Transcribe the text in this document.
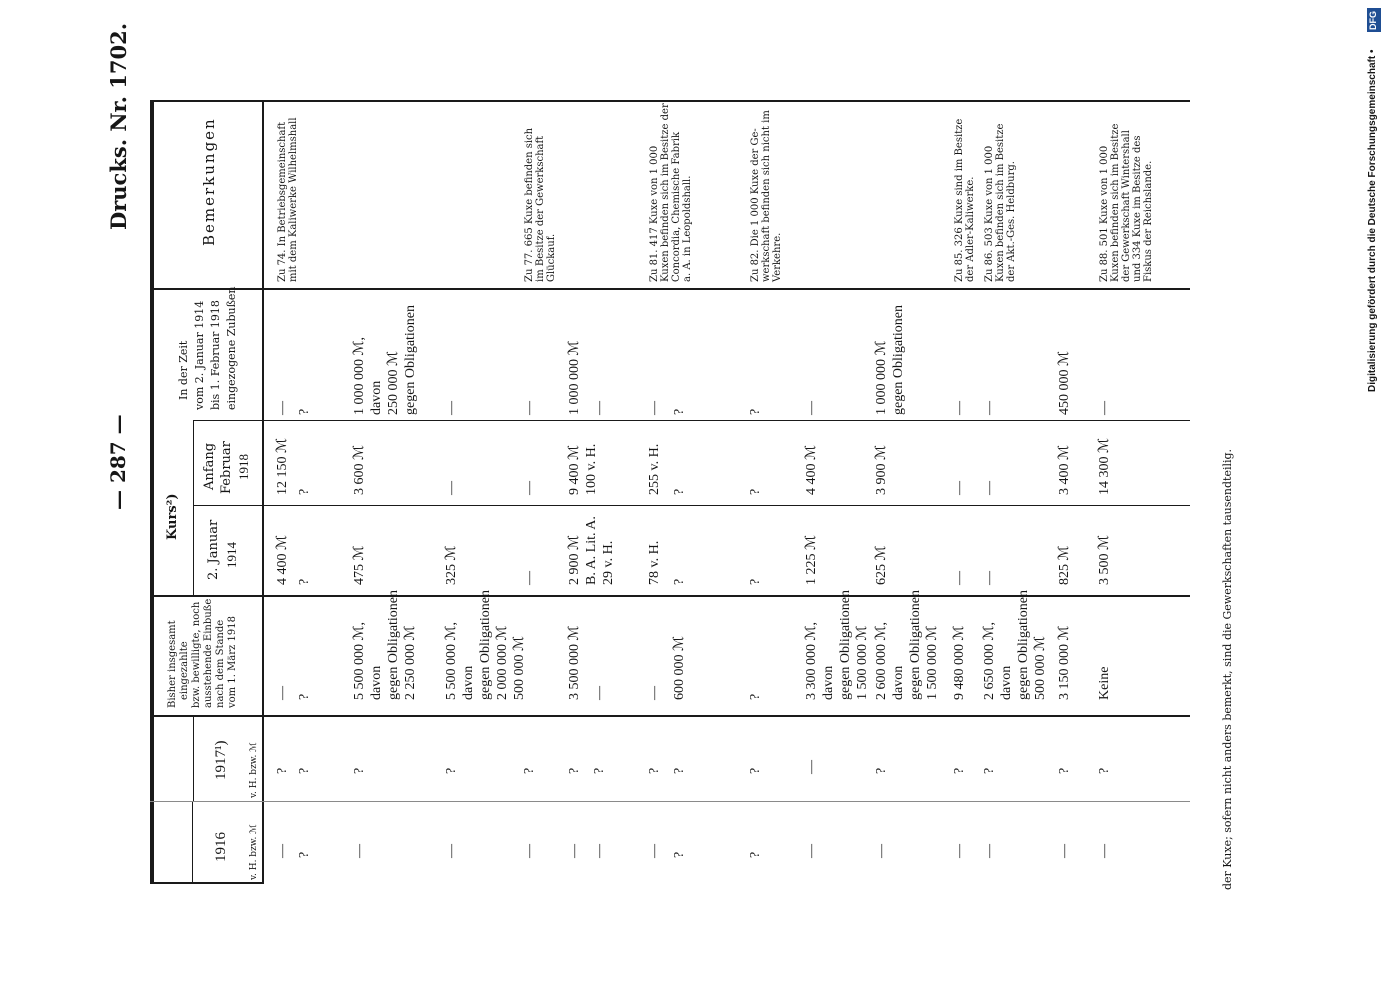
DFG
Digitalisierung gefördert durch die Deutsche Forschungsgemeinschaft •
— 287 —
Drucks. Nr. 1702.
1916 v. H. bzw. ℳ
1917¹) v. H. bzw. ℳ
Bisher insgesamt eingezahlte bzw. bewilligte, noch ausstehende Einbuße nach dem Stande vom 1. März 1918
Kurs²)
2. Januar 1914
Anfang Februar 1918
In der Zeit vom 2. Januar 1914 bis 1. Februar 1918 eingezogene Zubußen
Bemerkungen
—
?
—
4 400 ℳ
12 150 ℳ
—
Zu 74. In Betriebsgemeinschaft mit dem Kaliwerke Wilhelmshall
?
?
?
?
?
?
—
?
5 500 000 ℳ, davon gegen Obligationen 2 250 000 ℳ
475 ℳ
3 600 ℳ
1 000 000 ℳ, davon 250 000 ℳ gegen Obligationen
—
?
5 500 000 ℳ, davon gegen Obligationen 2 000 000 ℳ 500 000 ℳ
325 ℳ
—
—
—
?
—
—
—
Zu 77. 665 Kuxe befinden sich im Besitze der Gewerkschaft Glückauf.
—
?
3 500 000 ℳ
2 900 ℳ B. A. Lit. A. 29 v. H.
9 400 ℳ 100 v. H.
1 000 000 ℳ
—
?
—
—
—
?
—
78 v. H.
255 v. H.
—
Zu 81. 417 Kuxe von 1 000 Kuxen befinden sich im Besitze der Concordia, Chemische Fabrik a. A. in Leopoldshall.
?
?
600 000 ℳ
?
?
?
?
?
?
?
?
?
Zu 82. Die 1 000 Kuxe der Ge- werkschaft befinden sich nicht im Verkehre.
—
—
3 300 000 ℳ, davon gegen Obligationen 1 500 000 ℳ
1 225 ℳ
4 400 ℳ
—
—
?
2 600 000 ℳ, davon gegen Obligationen 1 500 000 ℳ
625 ℳ
3 900 ℳ
1 000 000 ℳ gegen Obligationen
—
?
9 480 000 ℳ
—
—
—
Zu 85. 326 Kuxe sind im Besitze der Adler-Kaliwerke.
—
?
2 650 000 ℳ, davon gegen Obligationen 500 000 ℳ
—
—
—
Zu 86. 503 Kuxe von 1 000 Kuxen befinden sich im Besitze der Akt.-Ges. Heldburg.
—
?
3 150 000 ℳ
825 ℳ
3 400 ℳ
450 000 ℳ
—
?
Keine
3 500 ℳ
14 300 ℳ
—
Zu 88. 501 Kuxe von 1 000 Kuxen befinden sich im Besitze der Gewerkschaft Wintershall und 334 Kuxe im Besitze des Fiskus der Reichslande.
der Kuxe; sofern nicht anders bemerkt, sind die Gewerkschaften tausendteilig.
